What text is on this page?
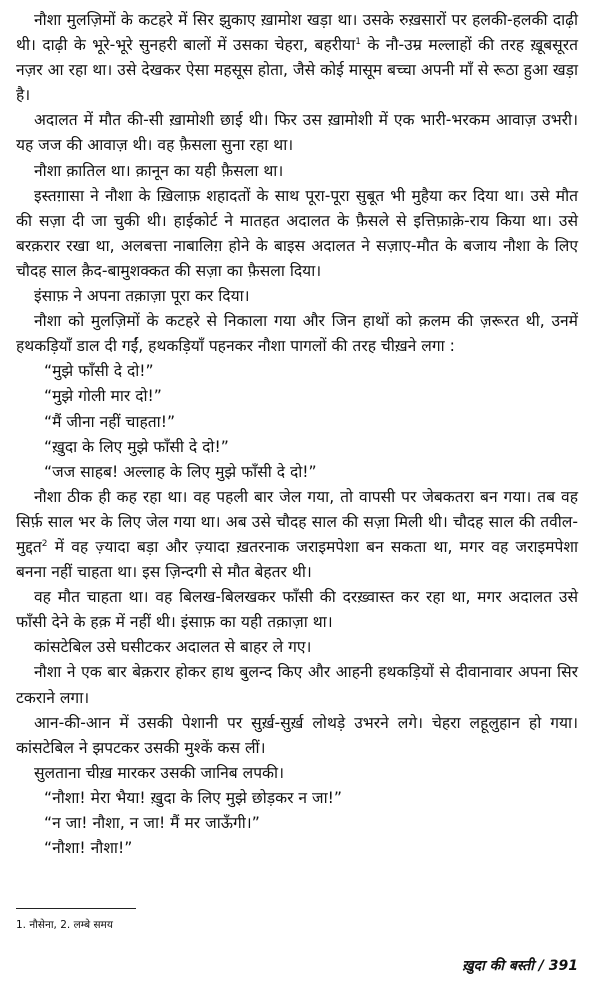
नौशा मुलज़िमों के कटहरे में सिर झुकाए ख़ामोश खड़ा था। उसके रुख़सारों पर हलकी-हलकी दाढ़ी थी। दाढ़ी के भूरे-भूरे सुनहरी बालों में उसका चेहरा, बहरीया$^1$ के नौ-उम्र मल्लाहों की तरह ख़ूबसूरत नज़र आ रहा था। उसे देखकर ऐसा महसूस होता, जैसे कोई मासूम बच्चा अपनी माँ से रूठा हुआ खड़ा है।

अदालत में मौत की-सी ख़ामोशी छाई थी। फिर उस ख़ामोशी में एक भारी-भरकम आवाज़ उभरी। यह जज की आवाज़ थी। वह फ़ैसला सुना रहा था।

नौशा क़ातिल था। क़ानून का यही फ़ैसला था।

इस्तग़ासा ने नौशा के ख़िलाफ़ शहादतों के साथ पूरा-पूरा सुबूत भी मुहैया कर दिया था। उसे मौत की सज़ा दी जा चुकी थी। हाईकोर्ट ने मातहत अदालत के फ़ैसले से इत्तिफ़ाक़े-राय किया था। उसे बरक़रार रखा था, अलबत्ता नाबालिग़ होने के बाइस अदालत ने सज़ाए-मौत के बजाय नौशा के लिए चौदह साल क़ैद-बामुशक्कत की सज़ा का फ़ैसला दिया।

इंसाफ़ ने अपना तक़ाज़ा पूरा कर दिया।

नौशा को मुलज़िमों के कटहरे से निकाला गया और जिन हाथों को क़लम की ज़रूरत थी, उनमें हथकड़ियाँ डाल दी गईं, हथकड़ियाँ पहनकर नौशा पागलों की तरह चीख़ने लगा :

“मुझे फाँसी दे दो!”

“मुझे गोली मार दो!”

“मैं जीना नहीं चाहता!”

“ख़ुदा के लिए मुझे फाँसी दे दो!”

“जज साहब! अल्लाह के लिए मुझे फाँसी दे दो!”

नौशा ठीक ही कह रहा था। वह पहली बार जेल गया, तो वापसी पर जेबकतरा बन गया। तब वह सिर्फ़ साल भर के लिए जेल गया था। अब उसे चौदह साल की सज़ा मिली थी। चौदह साल की तवील-मुद्दत$^2$ में वह ज़्यादा बड़ा और ज़्यादा ख़तरनाक जराइमपेशा बन सकता था, मगर वह जराइमपेशा बनना नहीं चाहता था। इस ज़िन्दगी से मौत बेहतर थी।

वह मौत चाहता था। वह बिलख-बिलखकर फाँसी की दरख़्वास्त कर रहा था, मगर अदालत उसे फाँसी देने के हक़ में नहीं थी। इंसाफ़ का यही तक़ाज़ा था।

कांसटेबिल उसे घसीटकर अदालत से बाहर ले गए।

नौशा ने एक बार बेक़रार होकर हाथ बुलन्द किए और आहनी हथकड़ियों से दीवानावार अपना सिर टकराने लगा।

आन-की-आन में उसकी पेशानी पर सुर्ख़-सुर्ख़ लोथड़े उभरने लगे। चेहरा लहूलुहान हो गया। कांसटेबिल ने झपटकर उसकी मुश्कें कस लीं।

सुलताना चीख़ मारकर उसकी जानिब लपकी।

“नौशा! मेरा भैया! ख़ुदा के लिए मुझे छोड़कर न जा!”

“न जा! नौशा, न जा! मैं मर जाऊँगी।”

“नौशा! नौशा!”

1. नौसेना, 2. लम्बे समय
ख़ुदा की बस्ती / 391
